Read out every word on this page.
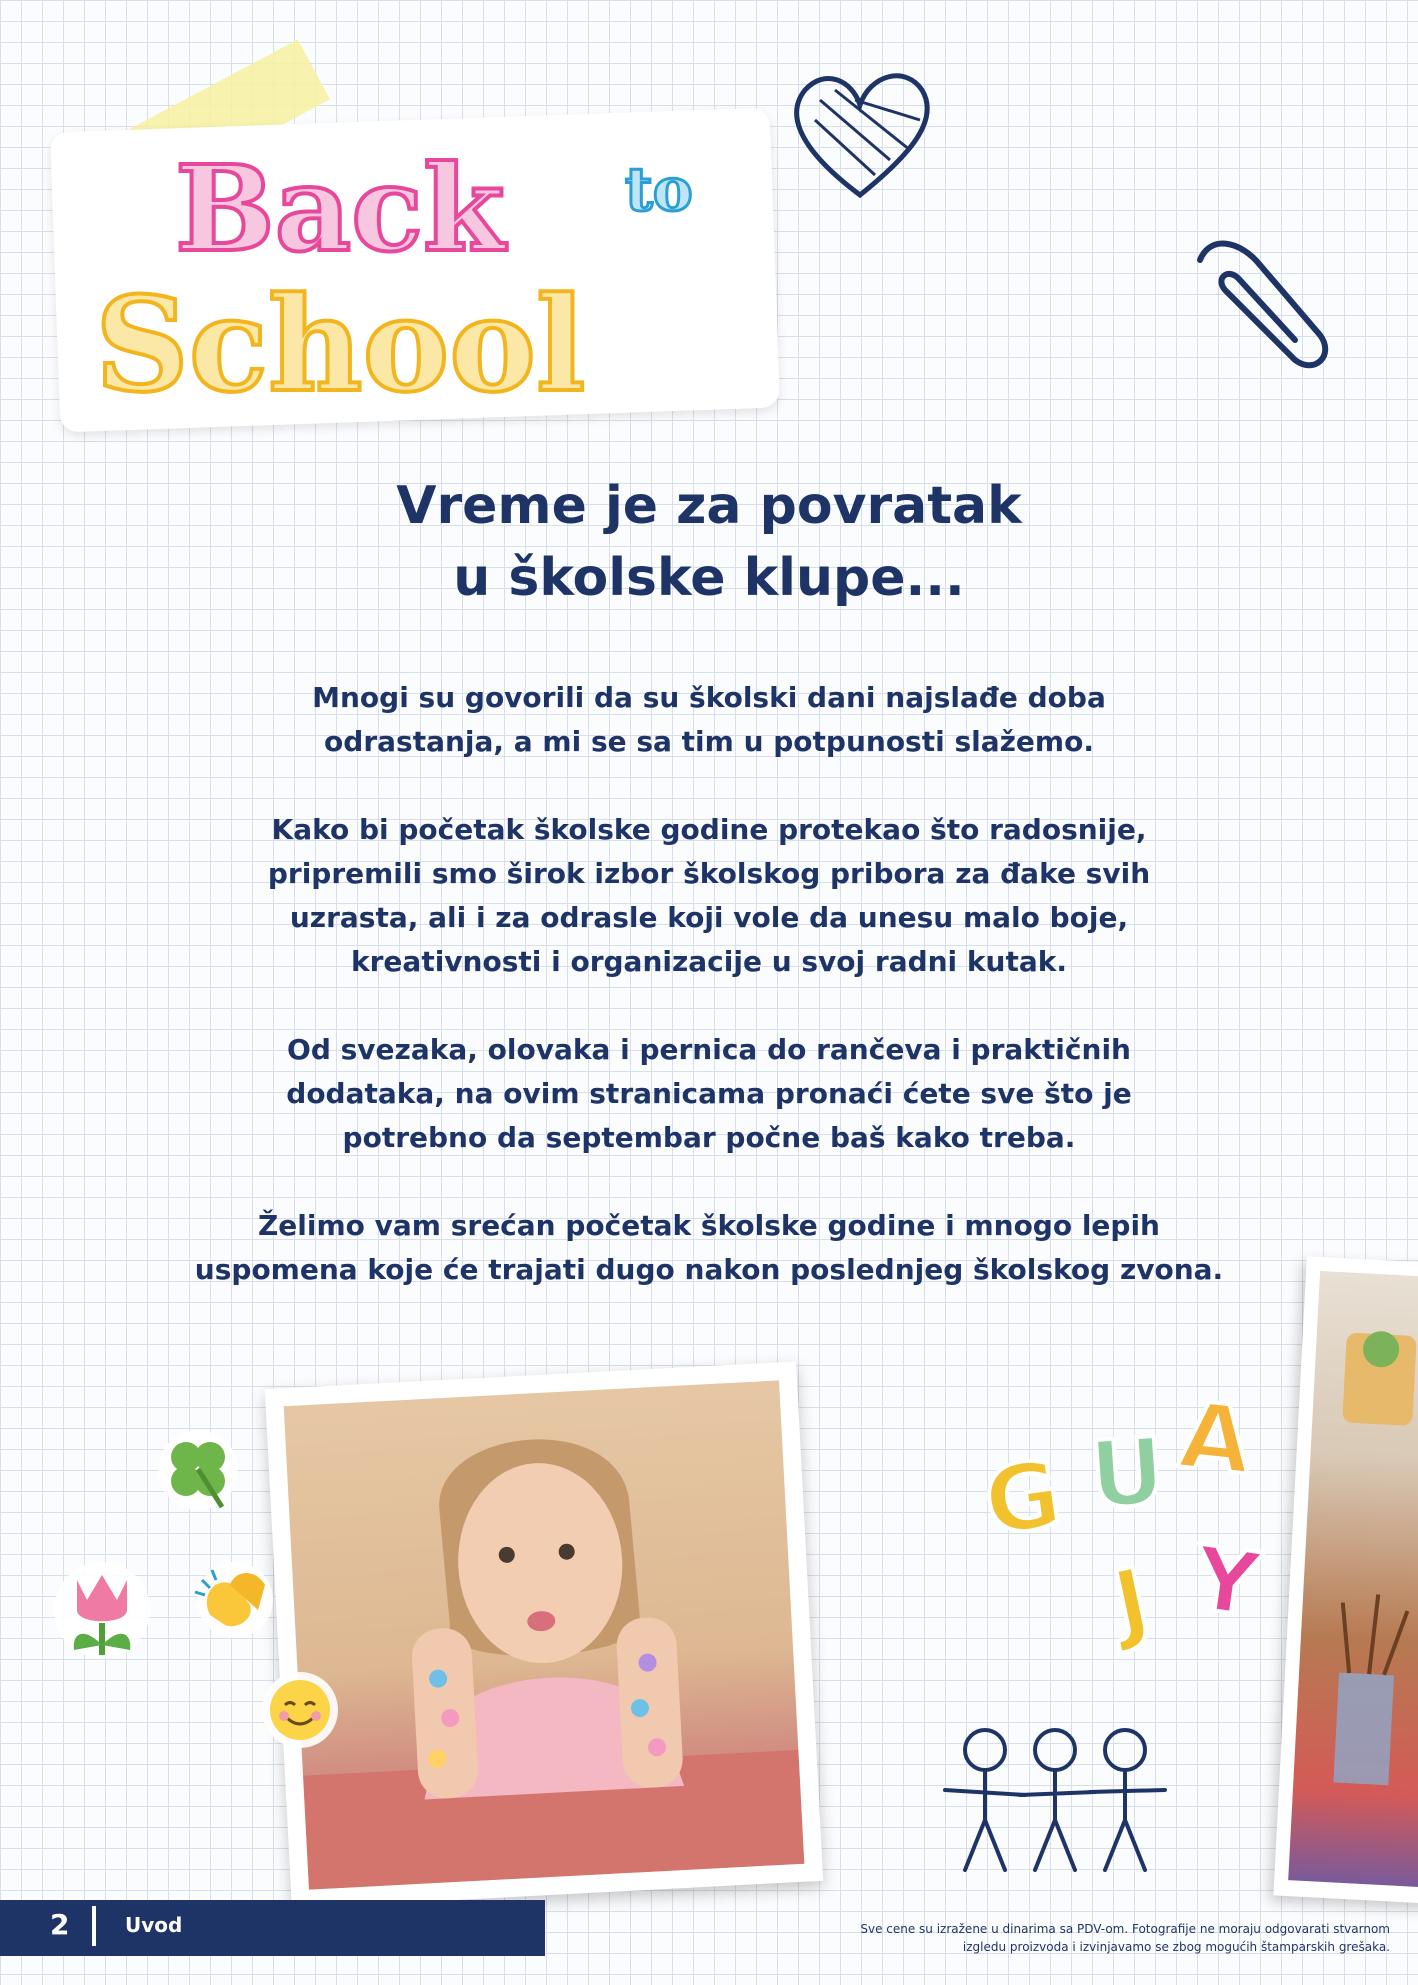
Back to
School
Vreme je za povratak
u školske klupe...

Mnogi su govorili da su školski dani najslađe doba
odrastanja, a mi se sa tim u potpunosti slažemo.

Kako bi početak školske godine protekao što radosnije,
pripremili smo širok izbor školskog pribora za đake svih
uzrasta, ali i za odrasle koji vole da unesu malo boje,
kreativnosti i organizacije u svoj radni kutak.

Od svezaka, olovaka i pernica do rančeva i praktičnih
dodataka, na ovim stranicama pronaći ćete sve što je
potrebno da septembar počne baš kako treba.

Želimo vam srećan početak školske godine i mnogo lepih
uspomena koje će trajati dugo nakon poslednjeg školskog zvona.

G U A
J Y
2	Uvod	Sve cene su izražene u dinarima sa PDV-om. Fotografije ne moraju odgovarati stvarnom
izgledu proizvoda i izvinjavamo se zbog mogućih štamparskih grešaka.
